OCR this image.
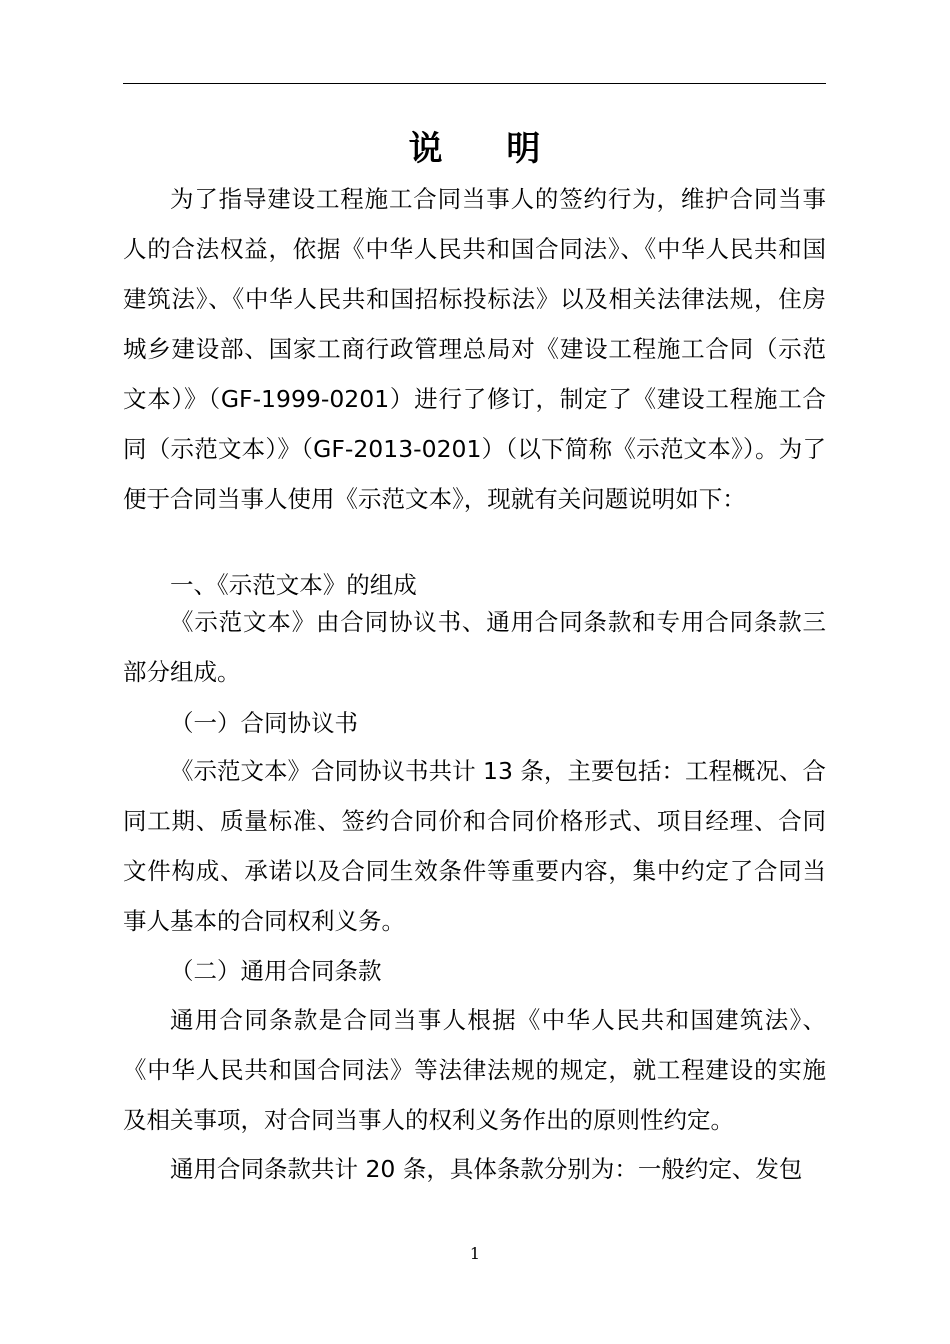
说 明
为了指导建设工程施工合同当事人的签约行为，维护合同当事人的合法权益，依据《中华人民共和国合同法》、《中华人民共和国建筑法》、《中华人民共和国招标投标法》以及相关法律法规，住房城乡建设部、国家工商行政管理总局对《建设工程施工合同（示范文本）》（GF-1999-0201）进行了修订，制定了《建设工程施工合同（示范文本）》（GF-2013-0201）（以下简称《示范文本》）。为了便于合同当事人使用《示范文本》，现就有关问题说明如下：
一、《示范文本》的组成
《示范文本》由合同协议书、通用合同条款和专用合同条款三部分组成。
（一）合同协议书
《示范文本》合同协议书共计 13 条，主要包括：工程概况、合同工期、质量标准、签约合同价和合同价格形式、项目经理、合同文件构成、承诺以及合同生效条件等重要内容，集中约定了合同当事人基本的合同权利义务。
（二）通用合同条款
通用合同条款是合同当事人根据《中华人民共和国建筑法》、《中华人民共和国合同法》等法律法规的规定，就工程建设的实施及相关事项，对合同当事人的权利义务作出的原则性约定。
通用合同条款共计 20 条，具体条款分别为：一般约定、发包
1
